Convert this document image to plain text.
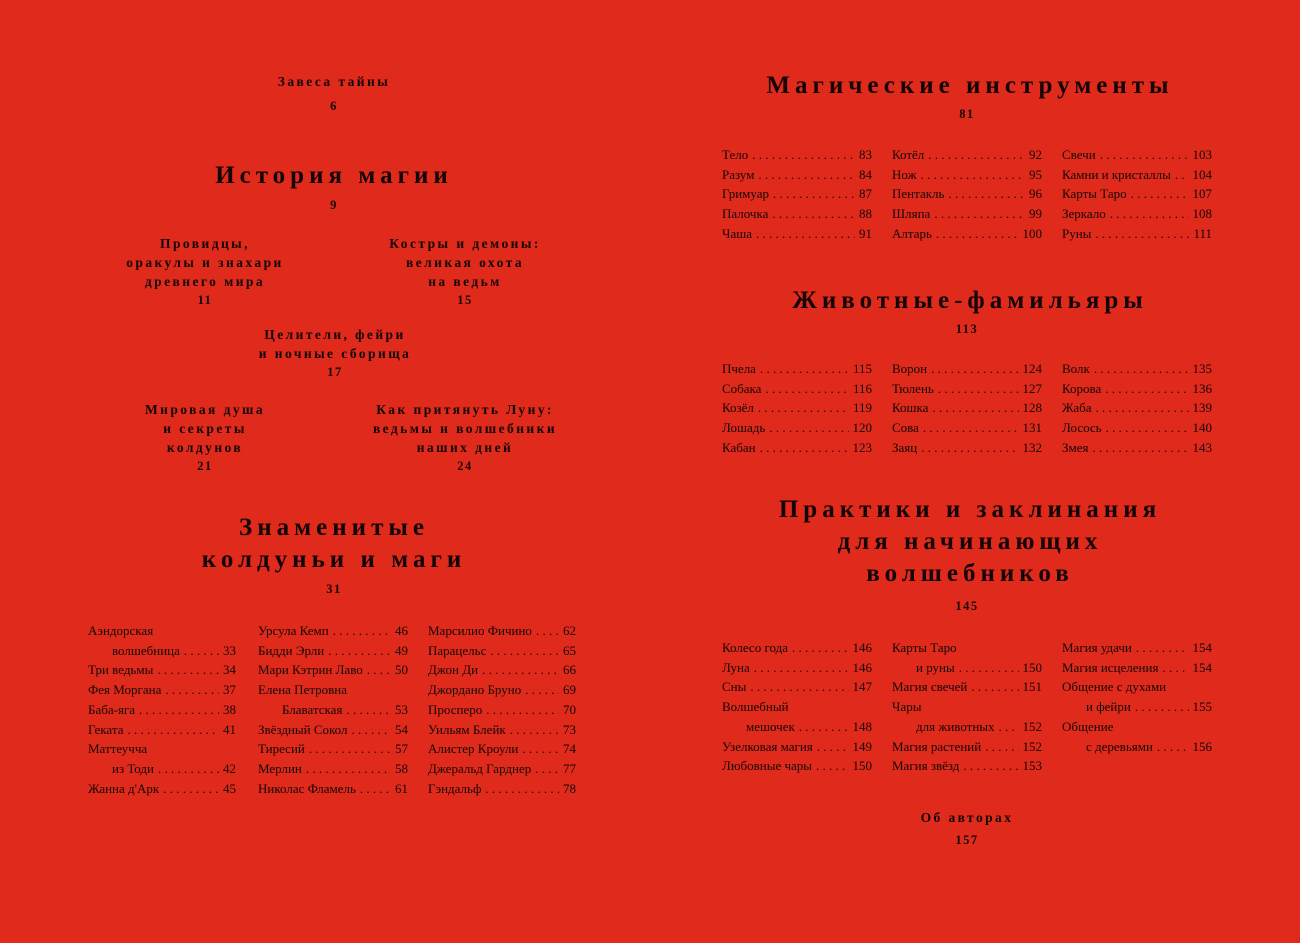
Завеса тайны
6
История магии
9
Провидцы,
оракулы и знахари
древнего мира
11
Костры и демоны:
великая охота
на ведьм
15
Целители, фейри
и ночные сборища
17
Мировая душа
и секреты
колдунов
21
Как притянуть Луну:
ведьмы и волшебники
наших дней
24
Знаменитые
колдуньи и маги
31
Аэндорская
волшебница . . .	33
Три ведьмы . . .	34
Фея Моргана . . .	37
Баба-яга . . .	38
Геката . . .	41
Маттеучча
из Тоди . . .	42
Жанна д'Арк . . .	45
Урсула Кемп . . .	46
Бидди Эрли . . .	49
Мари Кэтрин Лаво . . . 50
Елена Петровна
Блаватская . . .	53
Звёздный Сокол . . .	54
Тиресий . . .	57
Мерлин . . .	58
Николас Фламель . . .	61
Марсилио Фичино . . . 62
Парацельс . . .	65
Джон Ди . . .	66
Джордано Бруно . . .	69
Просперо . . .	70
Уильям Блейк . . .	73
Алистер Кроули . . .	74
Джеральд Гарднер . . . 77
Гэндальф . . .	78
Магические инструменты
81
Тело . . .	83
Разум . . .	84
Гримуар . . .	87
Палочка . . .	88
Чаша . . .	91
Котёл . . .	92
Нож . . .	95
Пентакль . . .	96
Шляпа . . .	99
Алтарь . . .	100
Свечи . . .	103
Камни и кристаллы . . . 104
Карты Таро . . .	107
Зеркало . . .	108
Руны . . .	111
Животные-фамильяры
113
Пчела . . .	115
Собака . . .	116
Козёл . . .	119
Лошадь . . .	120
Кабан . . .	123
Ворон . . .	124
Тюлень . . .	127
Кошка . . .	128
Сова . . .	131
Заяц . . .	132
Волк . . .	135
Корова . . .	136
Жаба . . .	139
Лосось . . .	140
Змея . . .	143
Практики и заклинания
для начинающих
волшебников
145
Колесо года . . .	146
Луна . . .	146
Сны . . .	147
Волшебный
мешочек . . .	148
Узелковая магия . . .	149
Любовные чары . . .	150
Карты Таро
и руны . . .	150
Магия свечей . . .	151
Чары
для животных . . . 152
Магия растений . . .	152
Магия звёзд . . .	153
Магия удачи . . .	154
Магия исцеления . . .	154
Общение с духами
и фейри . . .	155
Общение
с деревьями . . .	156
Об авторах
157
